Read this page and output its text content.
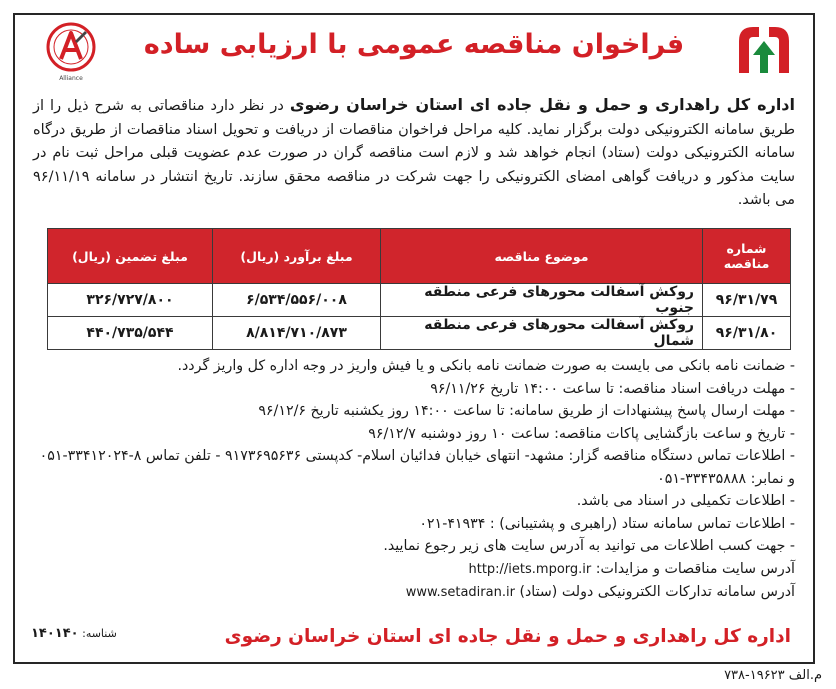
Alliance
فراخوان مناقصه عمومی با ارزیابی ساده
اداره کل راهداری و حمل و نقل جاده ای استان خراسان رضوی در نظر دارد مناقصاتی به شرح ذیل را از طریق سامانه الکترونیکی دولت برگزار نماید. کلیه مراحل فراخوان مناقصات از دریافت و تحویل اسناد مناقصات از طریق درگاه سامانه الکترونیکی دولت (ستاد) انجام خواهد شد و لازم است مناقصه گران در صورت عدم عضویت قبلی مراحل ثبت نام در سایت مذکور و دریافت گواهی امضای الکترونیکی را جهت شرکت در مناقصه محقق سازند. تاریخ انتشار در سامانه ۹۶/۱۱/۱۹ می باشد.
شماره مناقصه	موضوع مناقصه	مبلغ برآورد (ریال)	مبلغ تضمین (ریال)
۹۶/۳۱/۷۹	روکش آسفالت محورهای فرعی منطقه جنوب	۶/۵۳۴/۵۵۶/۰۰۸	۳۲۶/۷۲۷/۸۰۰
۹۶/۳۱/۸۰	روکش آسفالت محورهای فرعی منطقه شمال	۸/۸۱۴/۷۱۰/۸۷۳	۴۴۰/۷۳۵/۵۴۴

- ضمانت نامه بانکی می بایست به صورت ضمانت نامه بانکی و یا فیش واریز در وجه اداره کل واریز گردد.

- مهلت دریافت اسناد مناقصه: تا ساعت ۱۴:۰۰ تاریخ ۹۶/۱۱/۲۶

- مهلت ارسال پاسخ پیشنهادات از طریق سامانه: تا ساعت ۱۴:۰۰ روز یکشنبه تاریخ ۹۶/۱۲/۶

- تاریخ و ساعت بازگشایی پاکات مناقصه: ساعت ۱۰ روز دوشنبه ۹۶/۱۲/۷

- اطلاعات تماس دستگاه مناقصه گزار: مشهد- انتهای خیابان فدائیان اسلام- کدپستی ۹۱۷۳۶۹۵۶۳۶ - تلفن تماس ۸-۳۳۴۱۲۰۲۴-۰۵۱ و نمابر: ۳۳۴۳۵۸۸۸-۰۵۱

- اطلاعات تکمیلی در اسناد می باشد.

- اطلاعات تماس سامانه ستاد (راهبری و پشتیبانی) : ۴۱۹۳۴-۰۲۱

- جهت کسب اطلاعات می توانید به آدرس سایت های زیر رجوع نمایید.

آدرس سایت مناقصات و مزایدات: http://iets.mporg.ir

آدرس سامانه تدارکات الکترونیکی دولت (ستاد) www.setadiran.ir

اداره کل راهداری و حمل و نقل جاده ای استان خراسان رضوی
شناسه: ۱۴۰۱۴۰
م.الف ۱۹۶۲۳-۷۳۸
